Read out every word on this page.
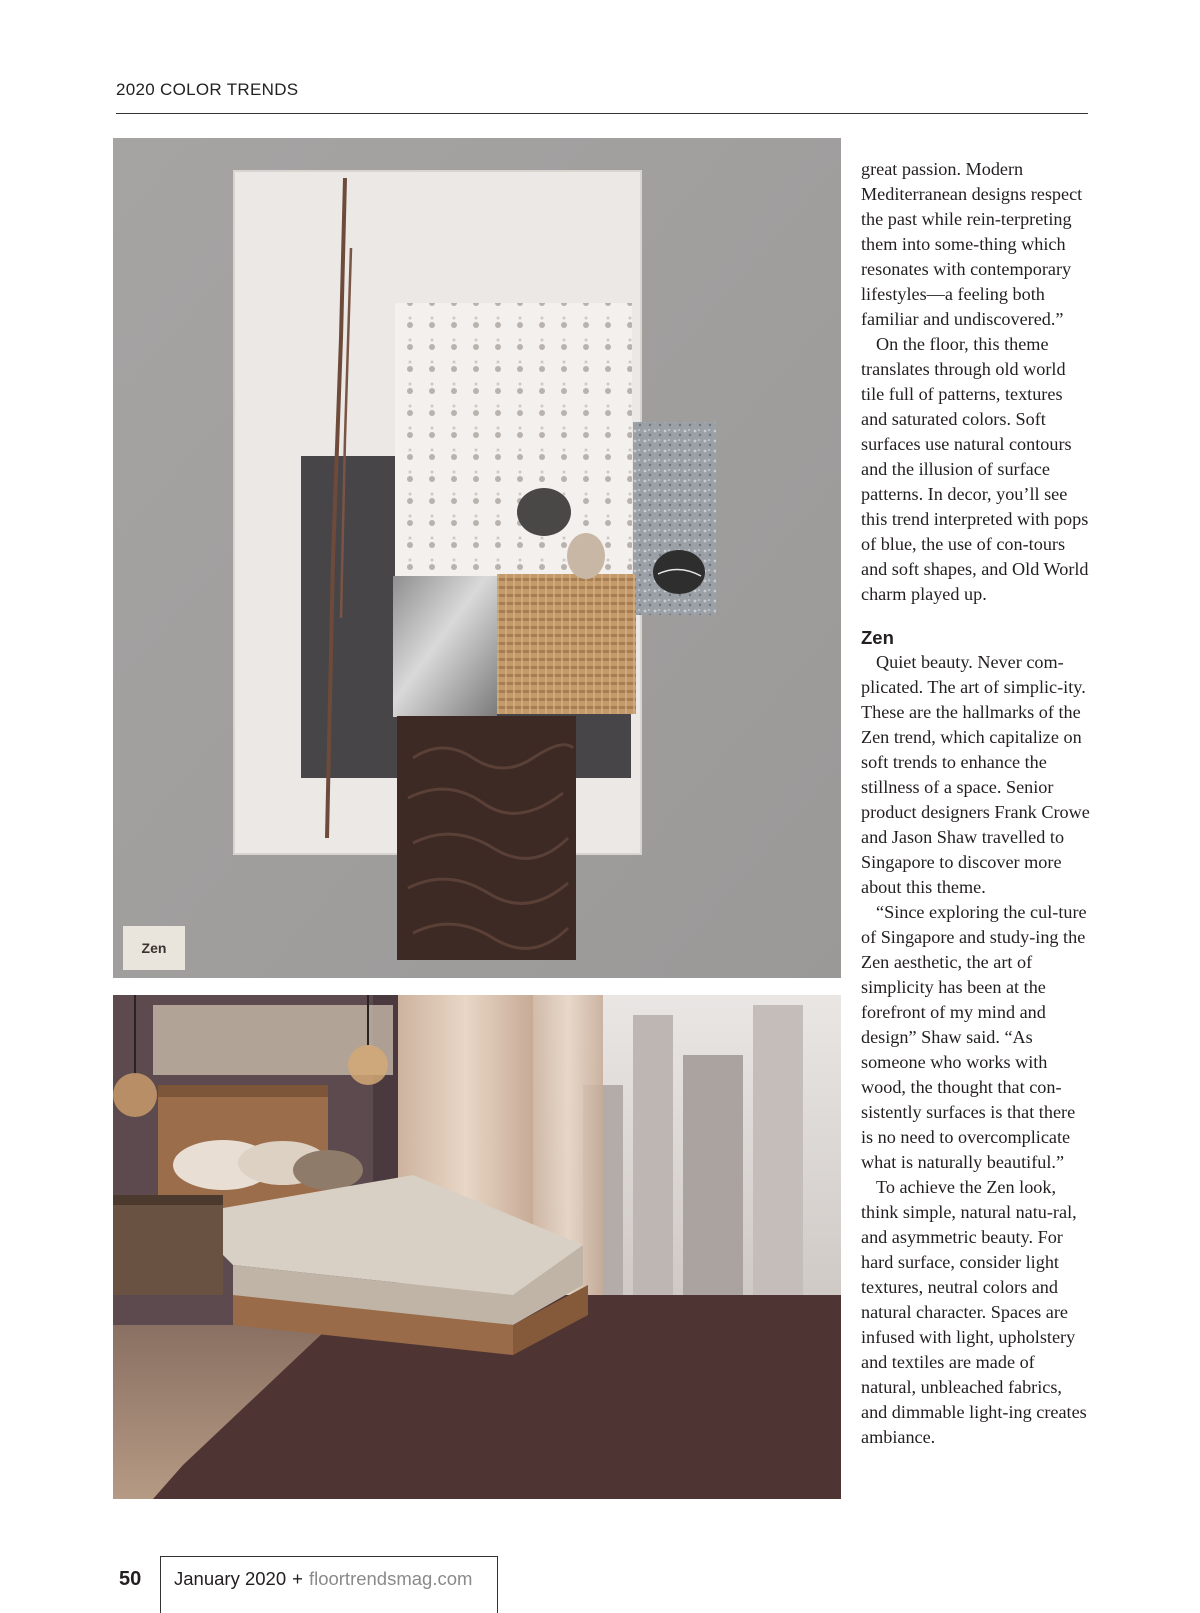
2020 COLOR TRENDS
Zen

great passion. Modern Mediterranean designs respect the past while rein-terpreting them into some-thing which resonates with contemporary lifestyles—a feeling both familiar and undiscovered.”

On the floor, this theme translates through old world tile full of patterns, textures and saturated colors. Soft surfaces use natural contours and the illusion of surface patterns. In decor, you’ll see this trend interpreted with pops of blue, the use of con-tours and soft shapes, and Old World charm played up.

Zen

Quiet beauty. Never com-plicated. The art of simplic-ity. These are the hallmarks of the Zen trend, which capitalize on soft trends to enhance the stillness of a space. Senior product designers Frank Crowe and Jason Shaw travelled to Singapore to discover more about this theme.

“Since exploring the cul-ture of Singapore and study-ing the Zen aesthetic, the art of simplicity has been at the forefront of my mind and design” Shaw said. “As someone who works with wood, the thought that con-sistently surfaces is that there is no need to overcomplicate what is naturally beautiful.”

To achieve the Zen look, think simple, natural natu-ral, and asymmetric beauty. For hard surface, consider light textures, neutral colors and natural character. Spaces are infused with light, upholstery and textiles are made of natural, unbleached fabrics, and dimmable light-ing creates ambiance.

50	January 2020 + floortrendsmag.com
